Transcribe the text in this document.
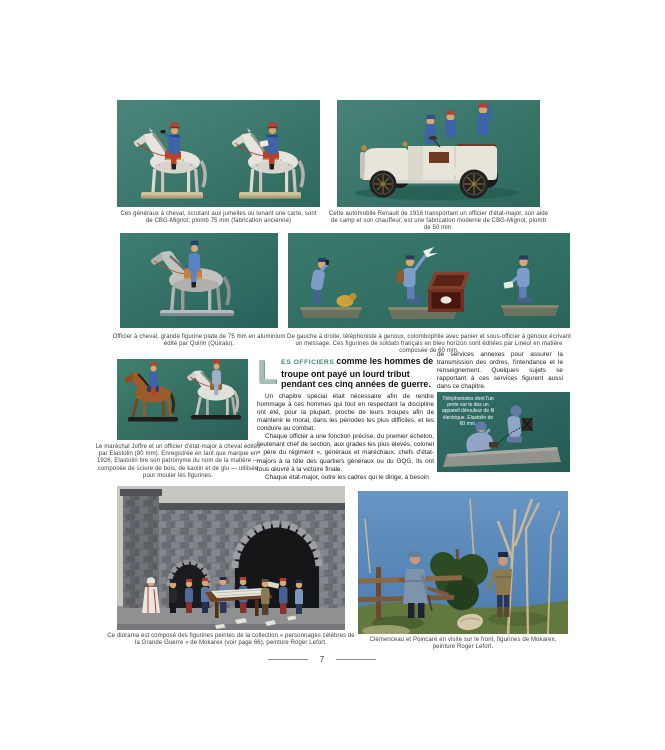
Ces généraux à cheval, scrutant aux jumelles ou tenant une carte, sont de CBG-Mignot; plomb 75 mm (fabrication ancienne)
Cette automobile Renault de 1916 transportant un officier d'état-major, son aide de camp et son chauffeur, est une fabrication moderne de CBG-Mignot, plomb de 50 mm.
Officier à cheval, grande figurine plate de 75 mm en aluminium édité par Quirin (Quiralu).
De gauche à droite, téléphoniste à genoux, colombophile avec panier et sous-officier à genoux écrivant un message. Ces figurines de soldats français en bleu horizon sont éditées par Linéol en matière composée de 60 mm.
Le maréchal Joffre et un officier d'état-major à cheval édités par Elastolin (80 mm). Enregistrée en tant que marque en 1926, Elastolin tire son patronyme du nom de la matière — composée de sciure de bois, de kaolin et de glu — utilisée pour mouler les figurines.

LES OFFICIERS comme les hommes de troupe ont payé un lourd tribut pendant ces cinq années de guerre.

Un chapitre spécial était nécessaire afin de rendre hommage à ces hommes qui tout en respectant la discipline ont été, pour la plupart, proche de leurs troupes afin de maintenir le moral, dans les périodes les plus difficiles, et les conduire au combat.

Chaque officier a une fonction précise, du premier échelon, lieutenant chef de section, aux grades les plus élevés, colonel « père du régiment », généraux et maréchaux, chefs d'état-majors à la tête des quartiers généraux ou du GQG. Ils ont tous œuvré à la victoire finale.

Chaque état-major, outre les cadres qui le dirige, à besoin

de services annexes pour assurer la transmission des ordres, l'intendance et le renseignement. Quelques sujets se rapportant à ces services figurent aussi dans ce chapitre.

Téléphonistes dont l'un porte sur le dos un appareil dérouleur de fil électrique. Elastolin de 60 mm.
Ce diorama est composé des figurines peintes de la collection « personnages célèbres de la Grande Guerre » de Mokarex (voir page 66), peinture Roger Lefort.
Clémenceau et Poincaré en visite sur le front, figurines de Mokarex, peinture Roger Lefort.
7
